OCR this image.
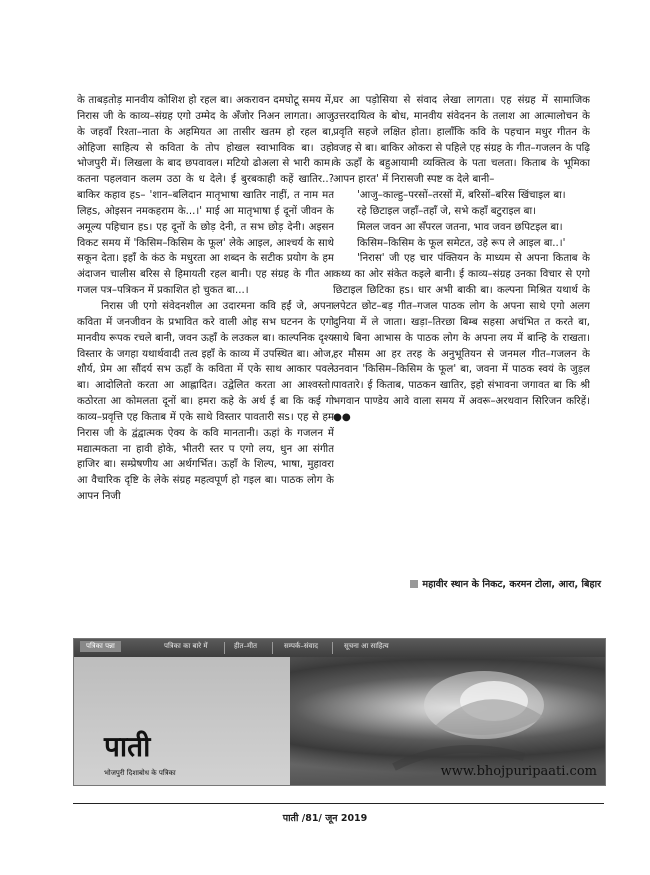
के ताबड़तोड़ मानवीय कोशिश हो रहल बा। अकरावन दमघोटू समय में, निरास जी के काव्य–संग्रह एगो उम्मेद के अँजोर निअन लागता। आजु के जहवाँ रिश्ता–नाता के अहमियत आ तासीर खतम हो रहल बा, ओहिजा साहित्य से कविता के तोप होखल स्वाभाविक बा। उहो भोजपुरी में। लिखला के बाद छपवावल। मटियो ढोअला से भारी काम। कतना पहलवान कलम उठा के ध देले। ई बुरबकाही कहें खातिर..? बाकिर कहाव हs– 'शान–बलिदान मातृभाषा खातिर नाहीं, त नाम मत लिहs, ओइसन नमकहराम के...।' माई आ मातृभाषा ई दूनों जीवन के अमूल्य पहिचान हs। एह दूनों के छोड़ देनी, त सभ छोड़ देनी। अइसन विकट समय में 'किसिम–किसिम के फूल' लेके आइल, आश्चर्य के साथे सकून देता। इहाँ के कंठ के मधुरता आ शब्दन के सटीक प्रयोग के हम अंदाजन चालीस बरिस से हिमायती रहल बानी। एह संग्रह के गीत आ गजल पत्र–पत्रिकन में प्रकाशित हो चुकत बा...।

निरास जी एगो संवेदनशील आ उदारमना कवि हईं जे, अपना कविता में जनजीवन के प्रभावित करे वाली ओह सभ घटनन के एगो मानवीय रूपक रचले बानी, जवन ऊहाँ के लउकल बा। काल्पनिक दृश्य विस्तार के जगहा यथार्थवादी तत्व इहाँ के काव्य में उपस्थित बा। ओज, शौर्य, प्रेम आ सौंदर्य सभ ऊहाँ के कविता में एके साथ आकार पवले बा। आदोलितो करता आ आह्लादित। उद्वेलित करता आ आश्वस्तो। कठोरता आ कोमलता दूनों बा। हमरा कहे के अर्थ ई बा कि कई गो काव्य–प्रवृत्ति एह किताब में एके साथे विस्तार पावतारी सs। एह से हम निरास जी के द्वंद्वात्मक ऐक्य के कवि मानतानी। ऊहां के गजलन में मद्यात्मकता ना हावी होके, भीतरी स्तर प एगो लय, धुन आ संगीत हाजिर बा। सम्प्रेषणीय आ अर्थगर्भित। ऊहाँ के शिल्प, भाषा, मुहावरा आ वैचारिक दृष्टि के लेके संग्रह महत्वपूर्ण हो गइल बा। पाठक लोग के आपन निजी

घर आ पड़ोसिया से संवाद लेखा लागता। एह संग्रह में सामाजिक उत्तरदायित्व के बोध, मानवीय संवेदनन के तलाश आ आत्मालोचन के प्रवृति सहजे लक्षित होता। हालाँकि कवि के पहचान मधुर गीतन के वजह से बा। बाकिर ओकरा से पहिले एह संग्रह के गीत–गजलन के पढ़ि के ऊहाँ के बहुआयामी व्यक्तित्व के पता चलता। किताब के भूमिका आपन हारत' में निरासजी स्पष्ट क देले बानी–

'आजु–काल्हु–परसों–तरसों में, बरिसों–बरिस खिंचाइल बा।

रहे छिटाइल जहाँ–तहाँ जे, सभे कहाँ बटुराइल बा।

मिलल जवन आ सँपरल जतना, भाव जवन छपिटइल बा।

किसिम–किसिम के फूल समेटत, उहे रूप ले आइल बा..।'

'निरास' जी एह चार पंक्तियन के माध्यम से अपना किताब के कथ्य का ओर संकेत कइले बानी। ई काव्य–संग्रह उनका विचार से एगो छिटाइल छिटिका हs। धार अभी बाकी बा। कल्पना मिश्रित यथार्थ के लपेटत छोट–बड़ गीत–गजल पाठक लोग के अपना साथे एगो अलग दुनिया में ले जाता। खड़ा–तिरछा बिम्ब सहसा अचंभित त करते बा, साथे बिना आभास के पाठक लोग के अपना लय में बान्हि के राखता। हर मौसम आ हर तरह के अनुभूतियन से जनमल गीत–गजलन के उनवान 'किसिम–किसिम के फूल' बा, जवना में पाठक स्वयं के जुड़ल पावतारे। ई किताब, पाठकन खातिर, इहो संभावना जगावत बा कि श्री भगवान पाण्डेय आवे वाला समय में अवरू–अरथवान सिरिजन करिहें। ●●

महावीर स्थान के निकट, करमन टोला, आरा, बिहार
पत्रिका पन्ना	पत्रिका का बारे में	हीत–मीत	सम्पर्क–संवाद	सूचना आ साहित्य
पाती
भोजपुरी दिशाबोध के पत्रिका	www.bhojpuripaati.com
पाती /81/ जून 2019
